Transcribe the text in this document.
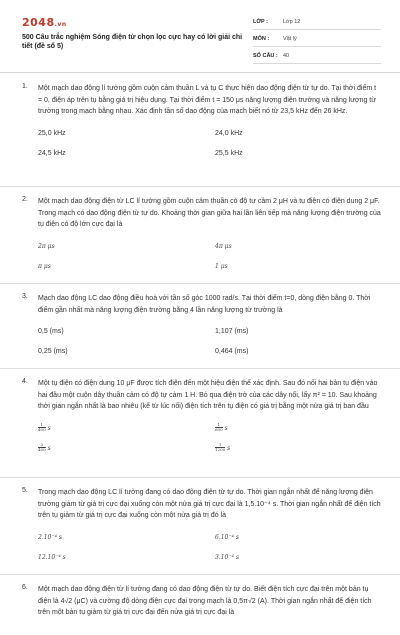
2048.vn
500 Câu trắc nghiệm Sóng điện từ chọn lọc cực hay có lời giải chi tiết (đề số 5)
LỚP :	Lớp 12
MÔN :	Vật lý
SỐ CÂU : 40
1. Một mạch dao động lí tưởng gồm cuộn cảm thuần L và tụ C thực hiện dao động điện từ tự do. Tại thời điểm t = 0, điện áp trên tụ bằng giá trị hiệu dụng. Tại thời điểm t = 150 μs năng lượng điện trường và năng lượng từ trường trong mạch bằng nhau. Xác định tần số dao động của mạch biết nó từ 23,5 kHz đến 26 kHz.
25,0 kHz	24,0 kHz
24,5 kHz	25,5 kHz
2. Một mạch dao động điện từ LC lí tưởng gồm cuộn cảm thuần có độ tự cảm 2 μH và tụ điện có điện dung 2 μF. Trong mạch có dao động điện từ tự do. Khoảng thời gian giữa hai lần liên tiếp mà năng lượng điện trường của tụ điện có độ lớn cực đại là
2π μs	4π μs
π μs	1 μs
3. Mạch dao động LC dao động điều hoà với tần số góc 1000 rad/s. Tại thời điểm t=0, dòng điện bằng 0. Thời điểm gần nhất mà năng lượng điện trường bằng 4 lần năng lượng từ trường là
0,5 (ms)	1,107 (ms)
0,25 (ms)	0,464 (ms)
4. Một tụ điện có điện dung 10 μF được tích điện đến một hiệu điện thế xác định. Sau đó nối hai bản tụ điện vào hai đầu một cuộn dây thuần cảm có độ tự cảm 1 H. Bỏ qua điện trở của các dây nối, lấy π² = 10. Sau khoảng thời gian ngắn nhất là bao nhiêu (kể từ lúc nối) điện tích trên tụ điện có giá trị bằng một nửa giá trị ban đầu
$\frac{1}{400}$ s	$\frac{1}{600}$ s
$\frac{3}{400}$ s	$\frac{1}{1200}$ s
5. Trong mạch dao động LC lí tưởng đang có dao động điện từ tự do. Thời gian ngắn nhất để năng lượng điện trường giảm từ giá trị cực đại xuống còn một nửa giá trị cực đại là 1,5.10⁻⁴ s. Thời gian ngắn nhất để điện tích trên tụ giảm từ giá trị cực đại xuống còn một nửa giá trị đó là
2.10⁻⁴ s	6.10⁻⁴ s
12.10⁻⁴ s	3.10⁻⁴ s
6. Một mạch dao động điện từ lí tưởng đang có dao động điện từ tự do. Biết điện tích cực đại trên một bản tụ điện là 4√2 (μC) và cường độ dòng điện cực đại trong mạch là 0,5π√2 (A). Thời gian ngắn nhất để điện tích trên một bản tụ giảm từ giá trị cực đại đến nửa giá trị cực đại là
